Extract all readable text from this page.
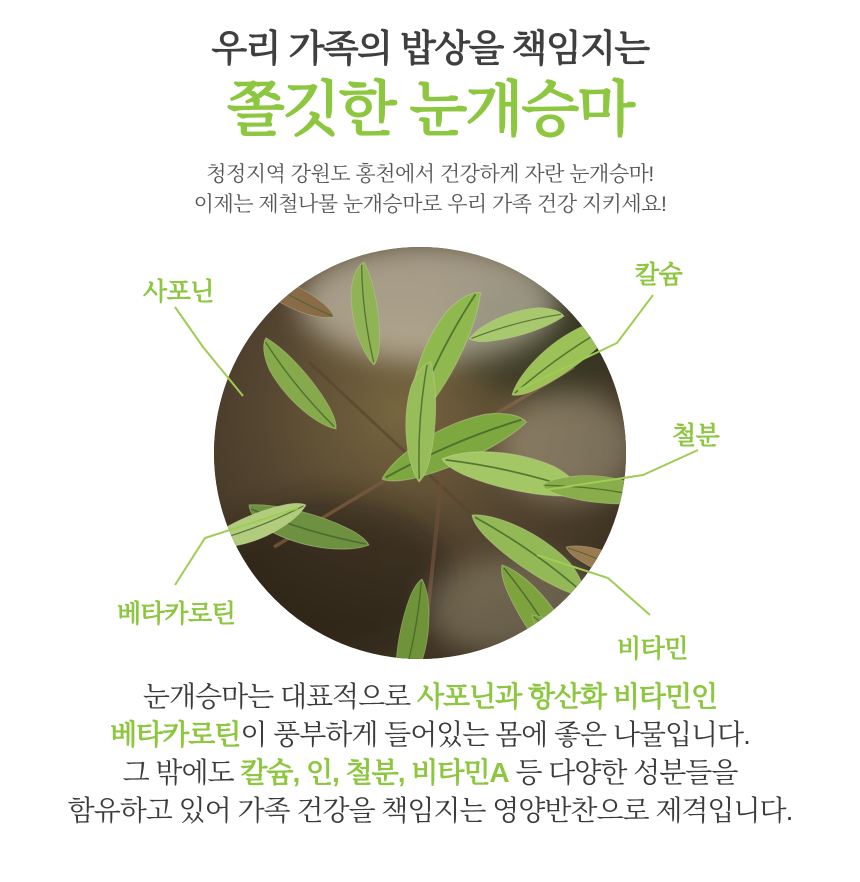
우리 가족의 밥상을 책임지는
쫄깃한 눈개승마

청정지역 강원도 홍천에서 건강하게 자란 눈개승마!
이제는 제철나물 눈개승마로 우리 가족 건강 지키세요!

사포닌
칼슘
철분
베타카로틴
비타민
눈개승마는 대표적으로 사포닌과 항산화 비타민인
베타카로틴이 풍부하게 들어있는 몸에 좋은 나물입니다.
그 밖에도 칼슘, 인, 철분, 비타민A 등 다양한 성분들을
함유하고 있어 가족 건강을 책임지는 영양반찬으로 제격입니다.
